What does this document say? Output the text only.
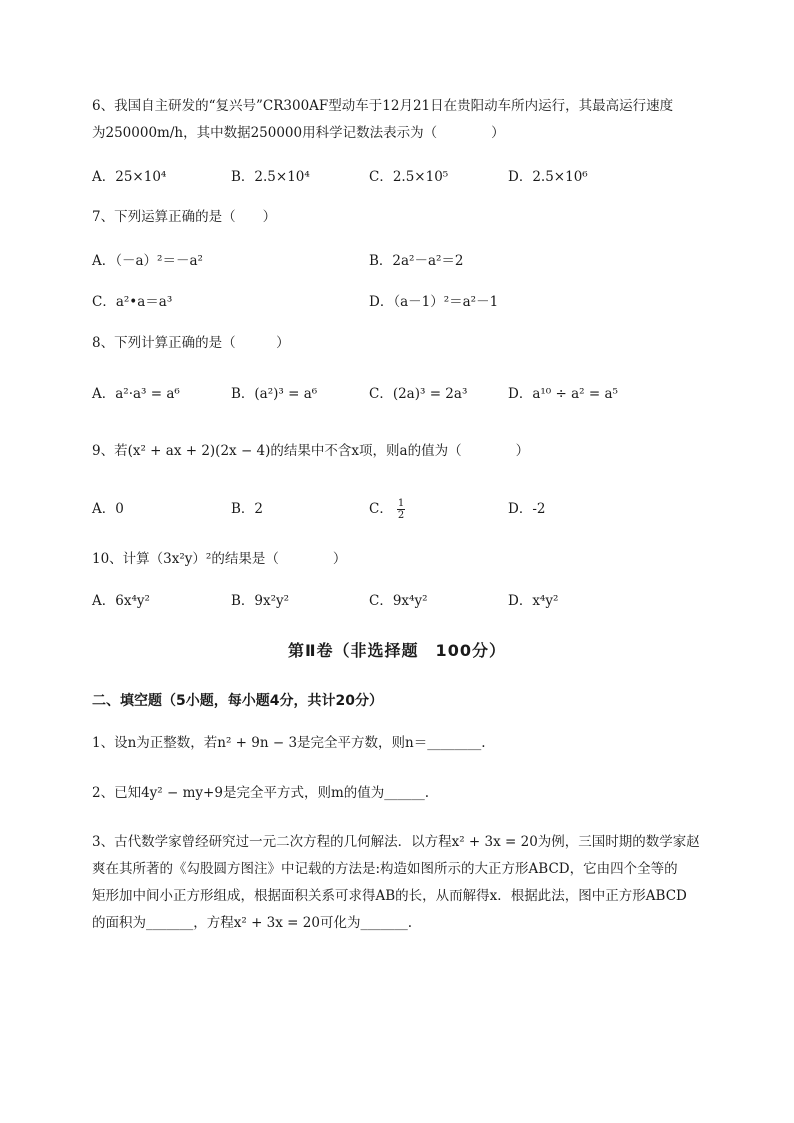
6、我国自主研发的“复兴号”CR300AF型动车于12月21日在贵阳动车所内运行，其最高运行速度
为250000m/h，其中数据250000用科学记数法表示为（　　　　）
A．25×10⁴	B．2.5×10⁴	C．2.5×10⁵	D．2.5×10⁶
7、下列运算正确的是（　　）
A．（－a）²＝－a²	B．2a²－a²＝2
C．a²•a＝a³	D．（a－1）²＝a²－1
8、下列计算正确的是（　　　）
A．a²·a³ = a⁶	B．(a²)³ = a⁶	C．(2a)³ = 2a³	D．a¹⁰ ÷ a² = a⁵
9、若(x² + ax + 2)(2x − 4)的结果中不含x项，则a的值为（　　　　）
A．0	B．2	C． $\frac{1}{2}$	D．-2
10、计算（3x²y）²的结果是（　　　　）
A．6x⁴y²	B．9x²y²	C．9x⁴y²	D．x⁴y²
第Ⅱ卷（非选择题　100分）
二、填空题（5小题，每小题4分，共计20分）
1、设n为正整数，若n² + 9n − 3是完全平方数，则n＝________.
2、已知4y² − my+9是完全平方式，则m的值为______.
3、古代数学家曾经研究过一元二次方程的几何解法．以方程x² + 3x = 20为例，三国时期的数学家赵
爽在其所著的《勾股圆方图注》中记载的方法是:构造如图所示的大正方形ABCD，它由四个全等的
矩形加中间小正方形组成，根据面积关系可求得AB的长，从而解得x．根据此法，图中正方形ABCD
的面积为_______，方程x² + 3x = 20可化为_______.
